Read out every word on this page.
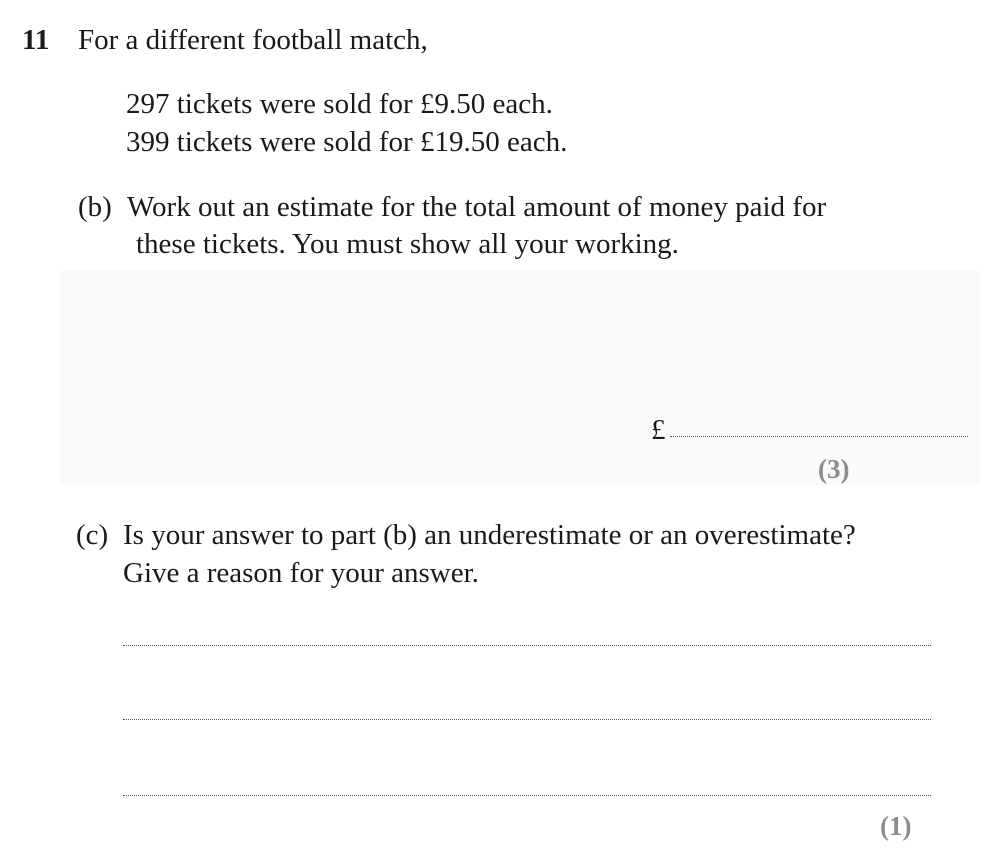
11 For a different football match,
297 tickets were sold for £9.50 each.
399 tickets were sold for £19.50 each.
(b) Work out an estimate for the total amount of money paid for
these tickets. You must show all your working.
£
(3)
(c) Is your answer to part (b) an underestimate or an overestimate?
Give a reason for your answer.
(1)
